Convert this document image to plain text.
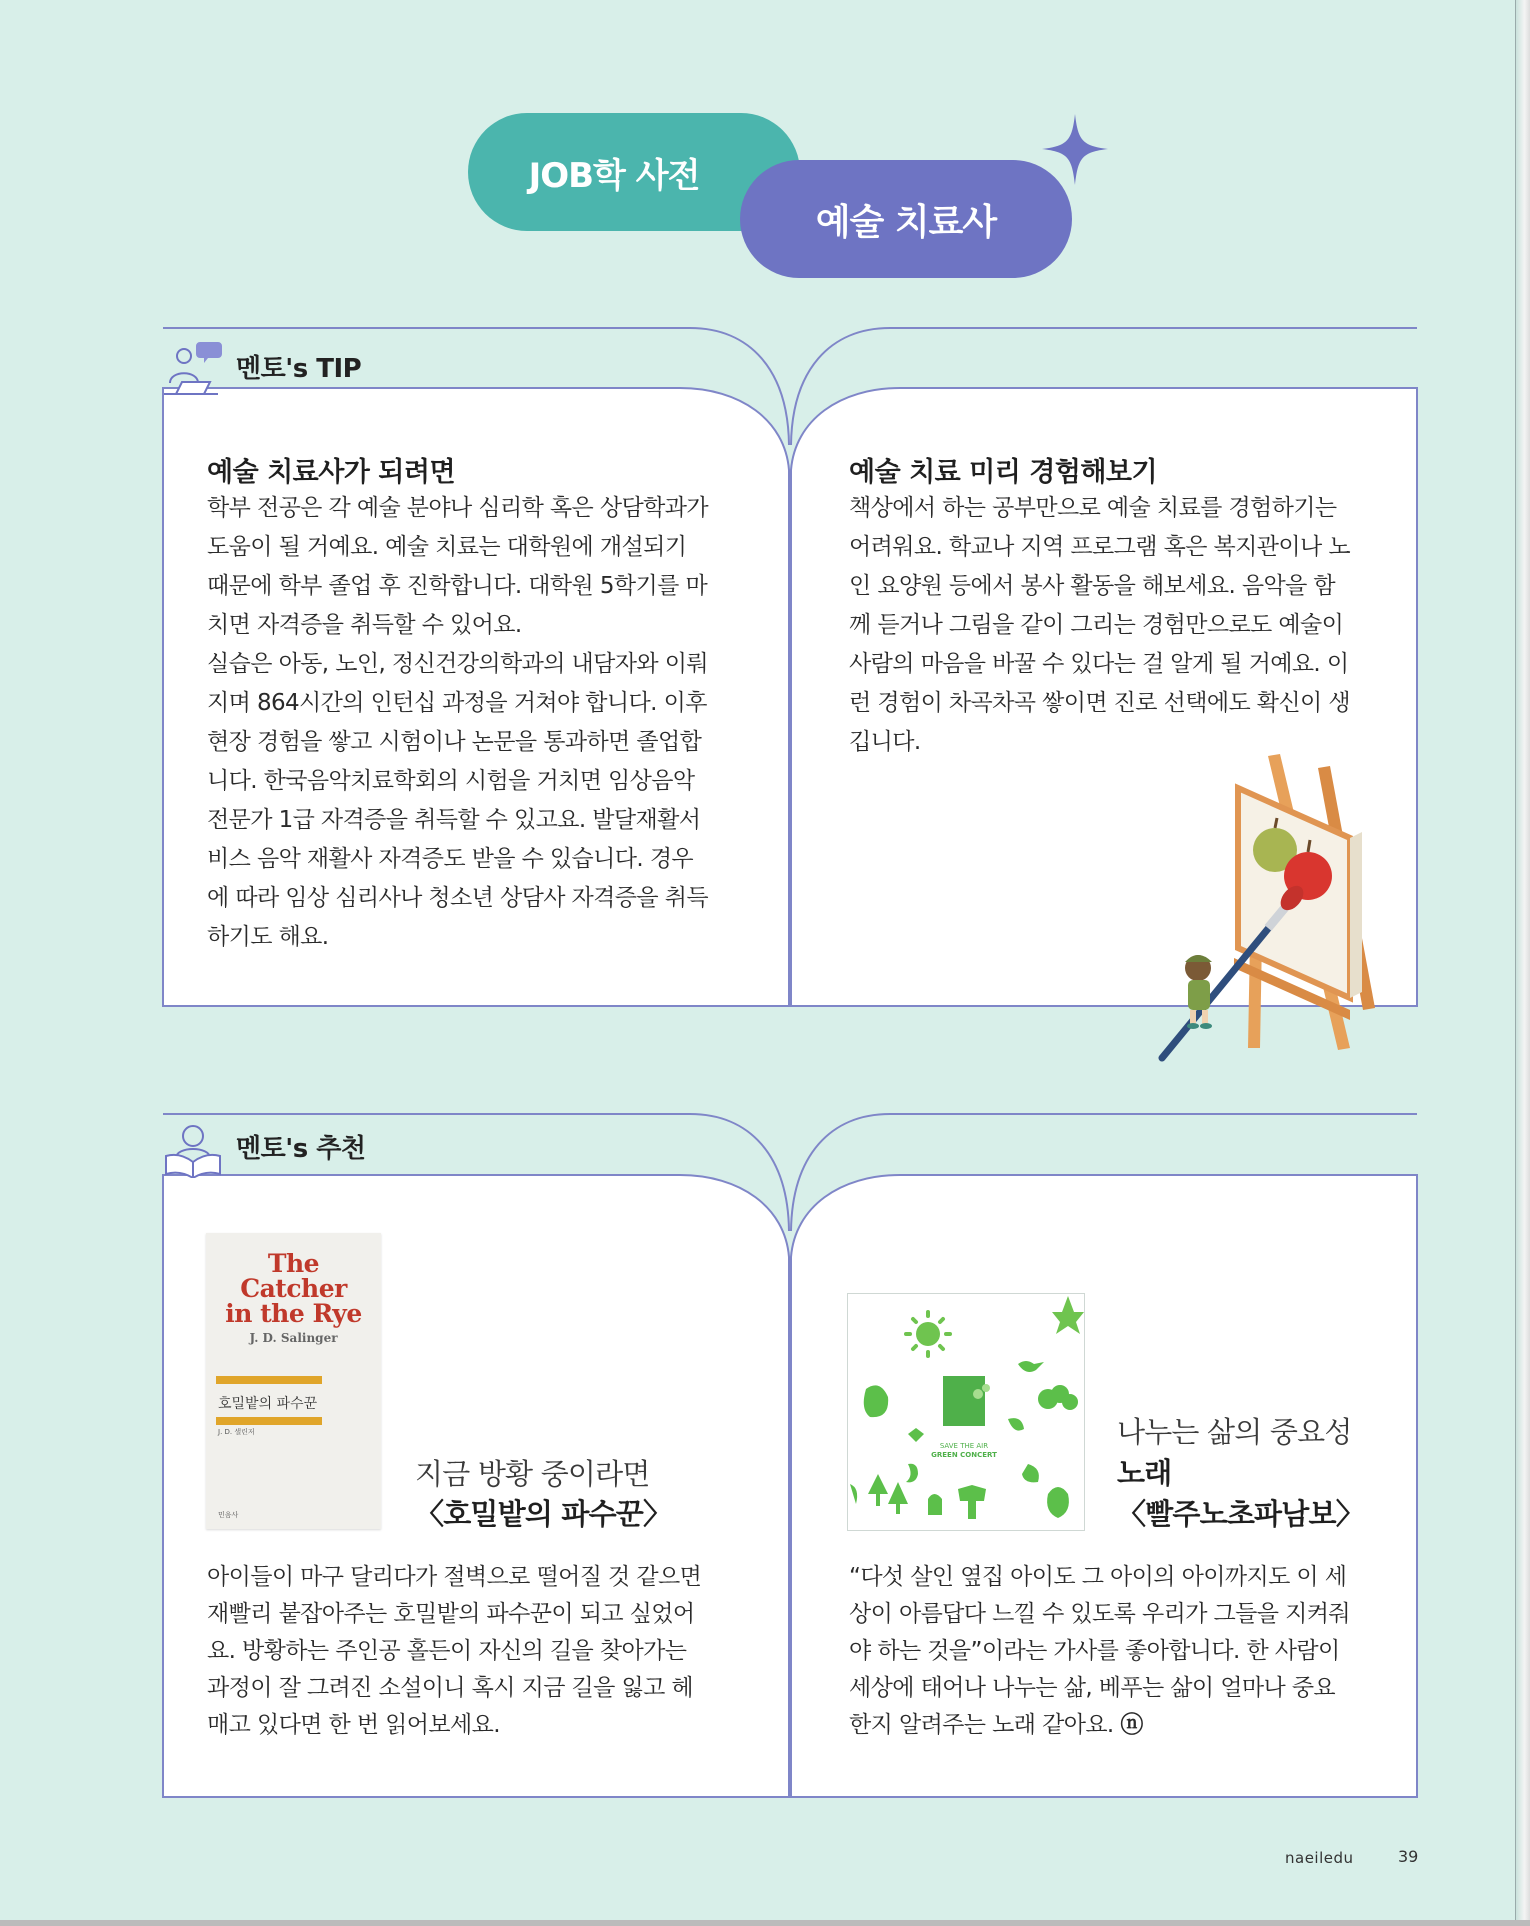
JOB학 사전
예술 치료사
멘토's TIP
예술 치료사가 되려면

학부 전공은 각 예술 분야나 심리학 혹은 상담학과가

도움이 될 거예요. 예술 치료는 대학원에 개설되기

때문에 학부 졸업 후 진학합니다. 대학원 5학기를 마

치면 자격증을 취득할 수 있어요.

실습은 아동, 노인, 정신건강의학과의 내담자와 이뤄

지며 864시간의 인턴십 과정을 거쳐야 합니다. 이후

현장 경험을 쌓고 시험이나 논문을 통과하면 졸업합

니다. 한국음악치료학회의 시험을 거치면 임상음악

전문가 1급 자격증을 취득할 수 있고요. 발달재활서

비스 음악 재활사 자격증도 받을 수 있습니다. 경우

에 따라 임상 심리사나 청소년 상담사 자격증을 취득

하기도 해요.

예술 치료 미리 경험해보기

책상에서 하는 공부만으로 예술 치료를 경험하기는

어려워요. 학교나 지역 프로그램 혹은 복지관이나 노

인 요양원 등에서 봉사 활동을 해보세요. 음악을 함

께 듣거나 그림을 같이 그리는 경험만으로도 예술이

사람의 마음을 바꿀 수 있다는 걸 알게 될 거예요. 이

런 경험이 차곡차곡 쌓이면 진로 선택에도 확신이 생

깁니다.

멘토's 추천
The
Catcher
in the Rye
J. D. Salinger
호밀밭의 파수꾼
J. D. 샐린저
민음사
지금 방황 중이라면
〈호밀밭의 파수꾼〉

아이들이 마구 달리다가 절벽으로 떨어질 것 같으면

재빨리 붙잡아주는 호밀밭의 파수꾼이 되고 싶었어

요. 방황하는 주인공 홀든이 자신의 길을 찾아가는

과정이 잘 그려진 소설이니 혹시 지금 길을 잃고 헤

매고 있다면 한 번 읽어보세요.

SAVE THE AIR
GREEN CONCERT
나누는 삶의 중요성
노래
〈빨주노초파남보〉

“다섯 살인 옆집 아이도 그 아이의 아이까지도 이 세

상이 아름답다 느낄 수 있도록 우리가 그들을 지켜줘

야 하는 것을”이라는 가사를 좋아합니다. 한 사람이

세상에 태어나 나누는 삶, 베푸는 삶이 얼마나 중요

한지 알려주는 노래 같아요. ⓝ

naeiledu	39
